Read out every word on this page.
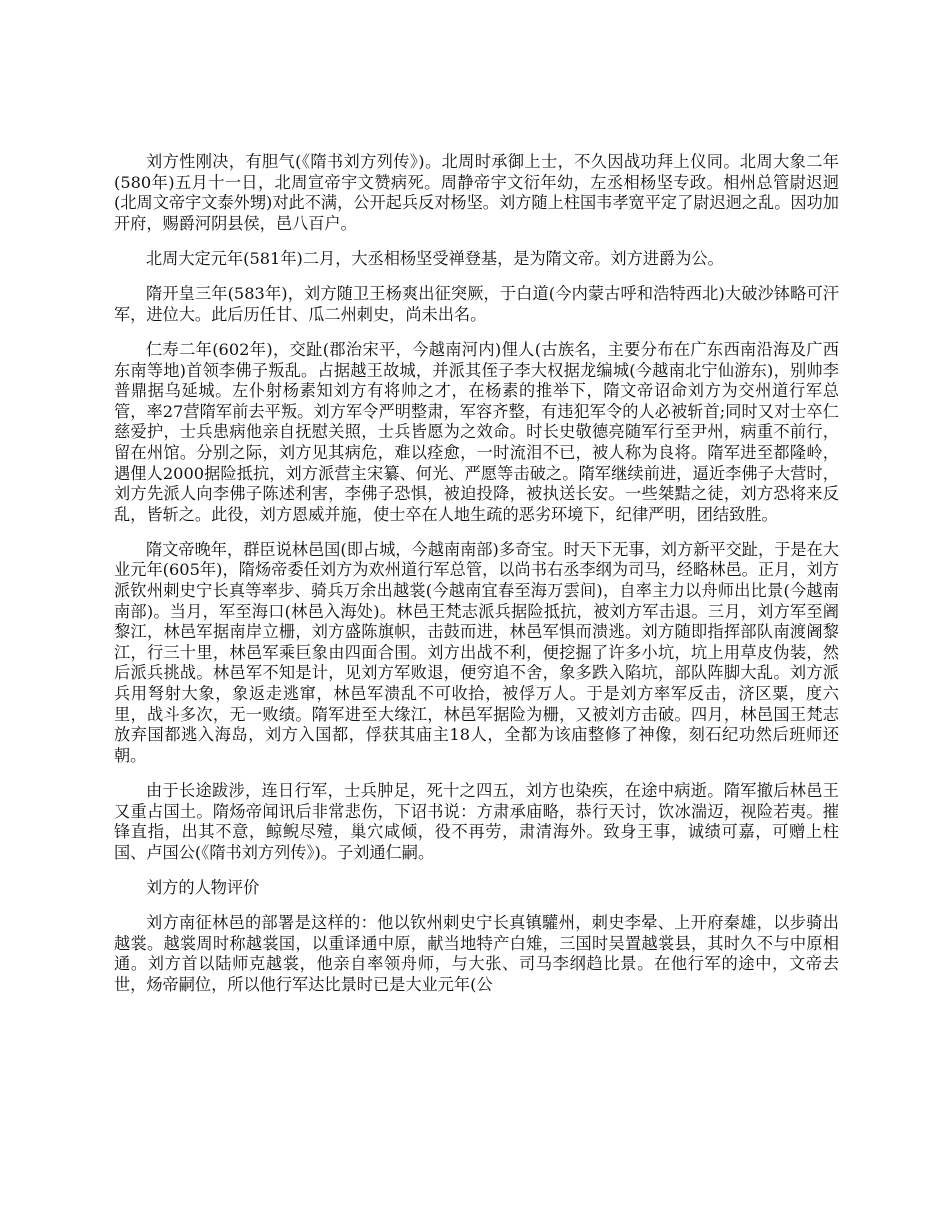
刘方性刚决，有胆气(《隋书刘方列传》)。北周时承御上士，不久因战功拜上仪同。北周大象二年(580年)五月十一日，北周宣帝宇文赞病死。周静帝宇文衍年幼，左丞相杨坚专政。相州总管尉迟迥(北周文帝宇文泰外甥)对此不满，公开起兵反对杨坚。刘方随上柱国韦孝宽平定了尉迟迥之乱。因功加开府，赐爵河阴县侯，邑八百户。

北周大定元年(581年)二月，大丞相杨坚受禅登基，是为隋文帝。刘方进爵为公。

隋开皇三年(583年)，刘方随卫王杨爽出征突厥，于白道(今内蒙古呼和浩特西北)大破沙钵略可汗军，进位大。此后历任甘、瓜二州刺史，尚未出名。

仁寿二年(602年)，交趾(郡治宋平，今越南河内)俚人(古族名，主要分布在广东西南沿海及广西东南等地)首领李佛子叛乱。占据越王故城，并派其侄子李大权据龙编城(今越南北宁仙游东)，别帅李普鼎据乌延城。左仆射杨素知刘方有将帅之才，在杨素的推举下，隋文帝诏命刘方为交州道行军总管，率27营隋军前去平叛。刘方军令严明整肃，军容齐整，有违犯军令的人必被斩首;同时又对士卒仁慈爱护，士兵患病他亲自抚慰关照，士兵皆愿为之效命。时长史敬德亮随军行至尹州，病重不前行，留在州馆。分别之际，刘方见其病危，难以痊愈，一时流泪不已，被人称为良将。隋军进至都隆岭，遇俚人2000据险抵抗，刘方派营主宋纂、何光、严愿等击破之。隋军继续前进，逼近李佛子大营时，刘方先派人向李佛子陈述利害，李佛子恐惧，被迫投降，被执送长安。一些桀黠之徒，刘方恐将来反乱，皆斩之。此役，刘方恩威并施，使士卒在人地生疏的恶劣环境下，纪律严明，团结致胜。

隋文帝晚年，群臣说林邑国(即占城，今越南南部)多奇宝。时天下无事，刘方新平交趾，于是在大业元年(605年)，隋炀帝委任刘方为欢州道行军总管，以尚书右丞李纲为司马，经略林邑。正月，刘方派钦州刺史宁长真等率步、骑兵万余出越裳(今越南宜春至海万雲间)，自率主力以舟师出比景(今越南南部)。当月，军至海口(林邑入海处)。林邑王梵志派兵据险抵抗，被刘方军击退。三月，刘方军至阇黎江，林邑军据南岸立栅，刘方盛陈旗帜，击鼓而进，林邑军惧而溃逃。刘方随即指挥部队南渡阇黎江，行三十里，林邑军乘巨象由四面合围。刘方出战不利，便挖掘了许多小坑，坑上用草皮伪装，然后派兵挑战。林邑军不知是计，见刘方军败退，便穷追不舍，象多跌入陷坑，部队阵脚大乱。刘方派兵用弩射大象，象返走逃窜，林邑军溃乱不可收拾，被俘万人。于是刘方率军反击，济区粟，度六里，战斗多次，无一败绩。隋军进至大缘江，林邑军据险为栅，又被刘方击破。四月，林邑国王梵志放弃国都逃入海岛，刘方入国都，俘获其庙主18人，全都为该庙整修了神像，刻石纪功然后班师还朝。

由于长途跋涉，连日行军，士兵肿足，死十之四五，刘方也染疾，在途中病逝。隋军撤后林邑王又重占国土。隋炀帝闻讯后非常悲伤，下诏书说：方肃承庙略，恭行天讨，饮冰湍迈，视险若夷。摧锋直指，出其不意，鲸鲵尽殪，巢穴咸倾，役不再劳，肃清海外。致身王事，诚绩可嘉，可赠上柱国、卢国公(《隋书刘方列传》)。子刘通仁嗣。

刘方的人物评价

刘方南征林邑的部署是这样的：他以钦州刺史宁长真镇驩州，刺史李晕、上开府秦雄，以步骑出越裳。越裳周时称越裳国，以重译通中原，献当地特产白雉，三国时吴置越裳县，其时久不与中原相通。刘方首以陆师克越裳，他亲自率领舟师，与大张、司马李纲趋比景。在他行军的途中，文帝去世，炀帝嗣位，所以他行军达比景时已是大业元年(公
